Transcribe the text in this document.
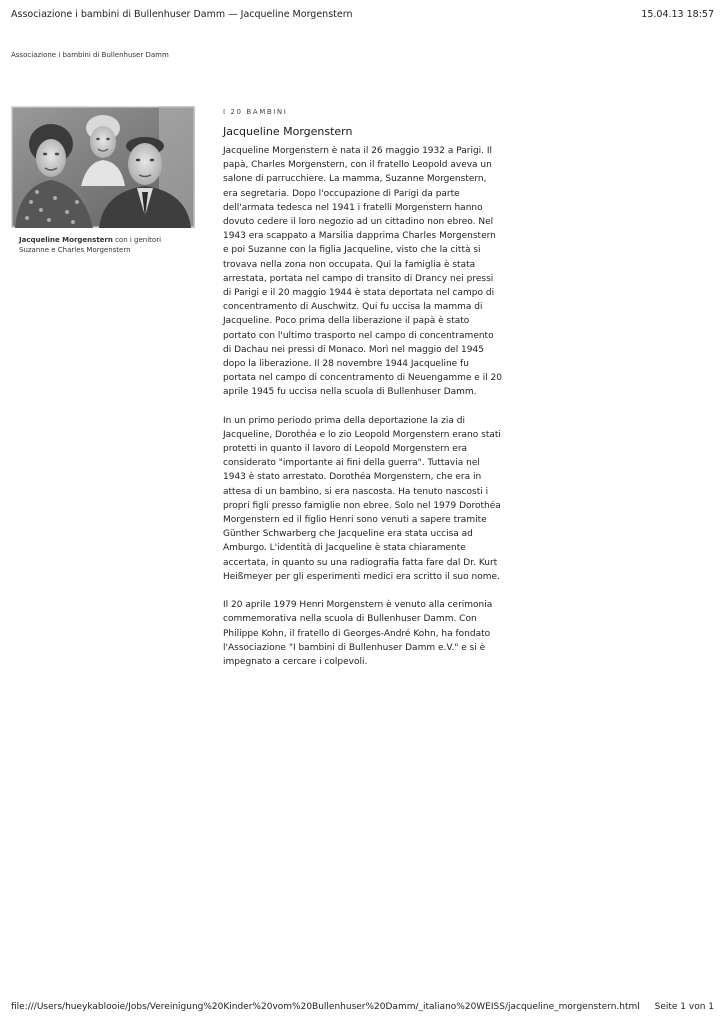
Associazione i bambini di Bullenhuser Damm — Jacqueline Morgenstern	15.04.13 18:57
Associazione i bambini di Bullenhuser Damm
Jacqueline Morgenstern con i genitori Suzanne e Charles Morgenstern

I 20 BAMBINI

Jacqueline Morgenstern

Jacqueline Morgenstern è nata il 26 maggio 1932 a Parigi. Il papà, Charles Morgenstern, con il fratello Leopold aveva un salone di parrucchiere. La mamma, Suzanne Morgenstern, era segretaria. Dopo l'occupazione di Parigi da parte dell'armata tedesca nel 1941 i fratelli Morgenstern hanno dovuto cedere il loro negozio ad un cittadino non ebreo. Nel 1943 era scappato a Marsilia dapprima Charles Morgenstern e poi Suzanne con la figlia Jacqueline, visto che la città si trovava nella zona non occupata. Qui la famiglia è stata arrestata, portata nel campo di transito di Drancy nei pressi di Parigi e il 20 maggio 1944 è stata deportata nel campo di concentramento di Auschwitz. Qui fu uccisa la mamma di Jacqueline. Poco prima della liberazione il papà è stato portato con l'ultimo trasporto nel campo di concentramento di Dachau nei pressi di Monaco. Morì nel maggio del 1945 dopo la liberazione. Il 28 novembre 1944 Jacqueline fu portata nel campo di concentramento di Neuengamme e il 20 aprile 1945 fu uccisa nella scuola di Bullenhuser Damm.

In un primo periodo prima della deportazione la zia di Jacqueline, Dorothéa e lo zio Leopold Morgenstern erano stati protetti in quanto il lavoro di Leopold Morgenstern era considerato "importante ai fini della guerra". Tuttavia nel 1943 è stato arrestato. Dorothéa Morgenstern, che era in attesa di un bambino, si era nascosta. Ha tenuto nascosti i propri figli presso famiglie non ebree. Solo nel 1979 Dorothéa Morgenstern ed il figlio Henri sono venuti a sapere tramite Günther Schwarberg che Jacqueline era stata uccisa ad Amburgo. L'identità di Jacqueline è stata chiaramente accertata, in quanto su una radiografia fatta fare dal Dr. Kurt Heißmeyer per gli esperimenti medici era scritto il suo nome.

Il 20 aprile 1979 Henri Morgenstern è venuto alla cerimonia commemorativa nella scuola di Bullenhuser Damm. Con Philippe Kohn, il fratello di Georges-André Kohn, ha fondato l'Associazione "I bambini di Bullenhuser Damm e.V." e si è impegnato a cercare i colpevoli.

file:///Users/hueykablooie/Jobs/Vereinigung%20Kinder%20vom%20Bullenhuser%20Damm/_italiano%20WEISS/jacqueline_morgenstern.html Seite 1 von 1
